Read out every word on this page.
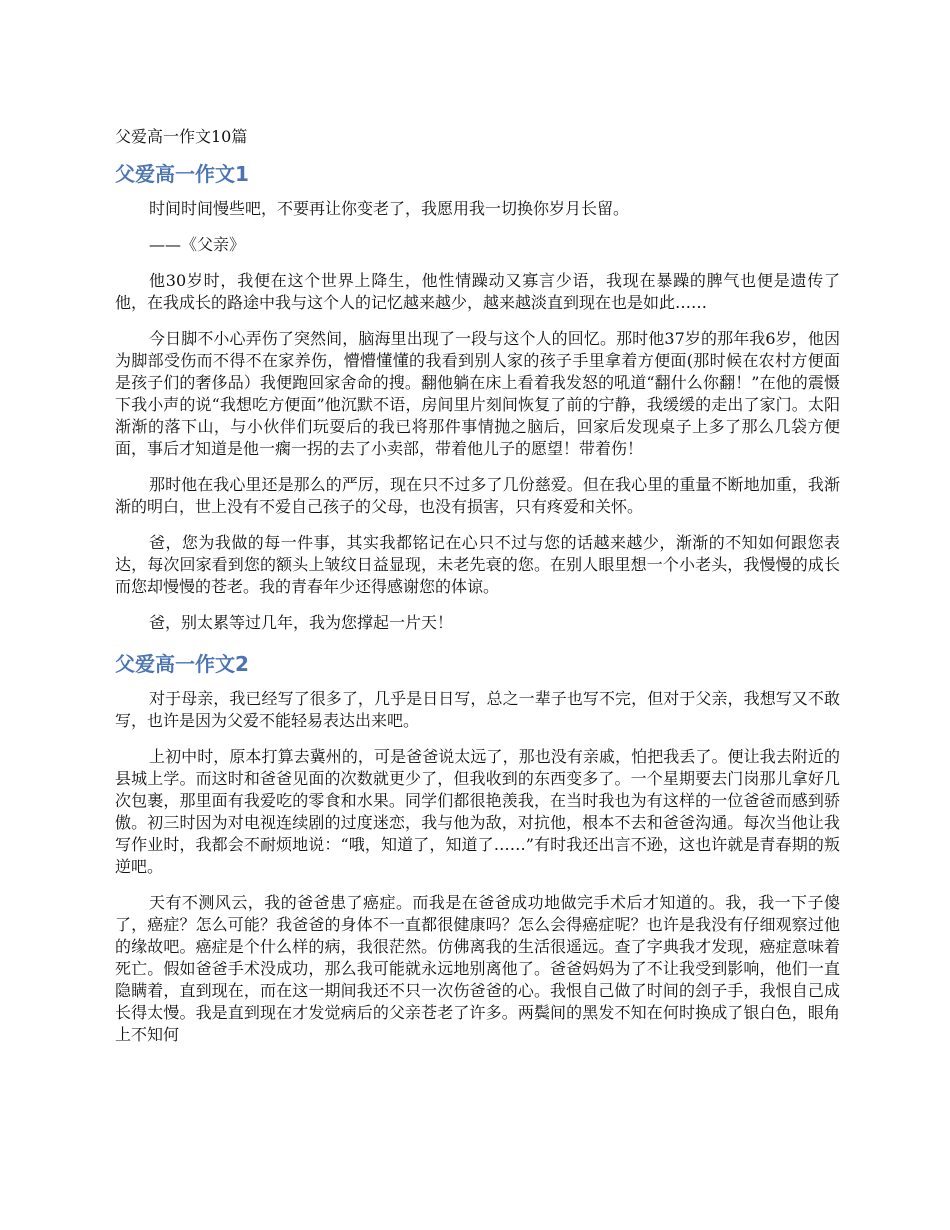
父爱高一作文10篇
父爱高一作文1

时间时间慢些吧，不要再让你变老了，我愿用我一切换你岁月长留。

——《父亲》

他30岁时，我便在这个世界上降生，他性情躁动又寡言少语，我现在暴躁的脾气也便是遗传了他，在我成长的路途中我与这个人的记忆越来越少，越来越淡直到现在也是如此……

今日脚不小心弄伤了突然间，脑海里出现了一段与这个人的回忆。那时他37岁的那年我6岁，他因为脚部受伤而不得不在家养伤，懵懵懂懂的我看到别人家的孩子手里拿着方便面(那时候在农村方便面是孩子们的奢侈品）我便跑回家舍命的搜。翻他躺在床上看着我发怒的吼道“翻什么你翻！”在他的震慑下我小声的说“我想吃方便面”他沉默不语，房间里片刻间恢复了前的宁静，我缓缓的走出了家门。太阳渐渐的落下山，与小伙伴们玩耍后的我已将那件事情抛之脑后，回家后发现桌子上多了那么几袋方便面，事后才知道是他一瘸一拐的去了小卖部，带着他儿子的愿望！带着伤！

那时他在我心里还是那么的严厉，现在只不过多了几份慈爱。但在我心里的重量不断地加重，我渐渐的明白，世上没有不爱自己孩子的父母，也没有损害，只有疼爱和关怀。

爸，您为我做的每一件事，其实我都铭记在心只不过与您的话越来越少，渐渐的不知如何跟您表达，每次回家看到您的额头上皱纹日益显现，未老先衰的您。在别人眼里想一个小老头，我慢慢的成长而您却慢慢的苍老。我的青春年少还得感谢您的体谅。

爸，别太累等过几年，我为您撑起一片天！

父爱高一作文2

对于母亲，我已经写了很多了，几乎是日日写，总之一辈子也写不完，但对于父亲，我想写又不敢写，也许是因为父爱不能轻易表达出来吧。

上初中时，原本打算去冀州的，可是爸爸说太远了，那也没有亲戚，怕把我丢了。便让我去附近的县城上学。而这时和爸爸见面的次数就更少了，但我收到的东西变多了。一个星期要去门岗那儿拿好几次包裹，那里面有我爱吃的零食和水果。同学们都很艳羡我，在当时我也为有这样的一位爸爸而感到骄傲。初三时因为对电视连续剧的过度迷恋，我与他为敌，对抗他，根本不去和爸爸沟通。每次当他让我写作业时，我都会不耐烦地说：“哦，知道了，知道了……”有时我还出言不逊，这也许就是青春期的叛逆吧。

天有不测风云，我的爸爸患了癌症。而我是在爸爸成功地做完手术后才知道的。我，我一下子傻了，癌症？怎么可能？我爸爸的身体不一直都很健康吗？怎么会得癌症呢？也许是我没有仔细观察过他的缘故吧。癌症是个什么样的病，我很茫然。仿佛离我的生活很遥远。查了字典我才发现，癌症意味着死亡。假如爸爸手术没成功，那么我可能就永远地别离他了。爸爸妈妈为了不让我受到影响，他们一直隐瞒着，直到现在，而在这一期间我还不只一次伤爸爸的心。我恨自己做了时间的刽子手，我恨自己成长得太慢。我是直到现在才发觉病后的父亲苍老了许多。两鬓间的黑发不知在何时换成了银白色，眼角上不知何
